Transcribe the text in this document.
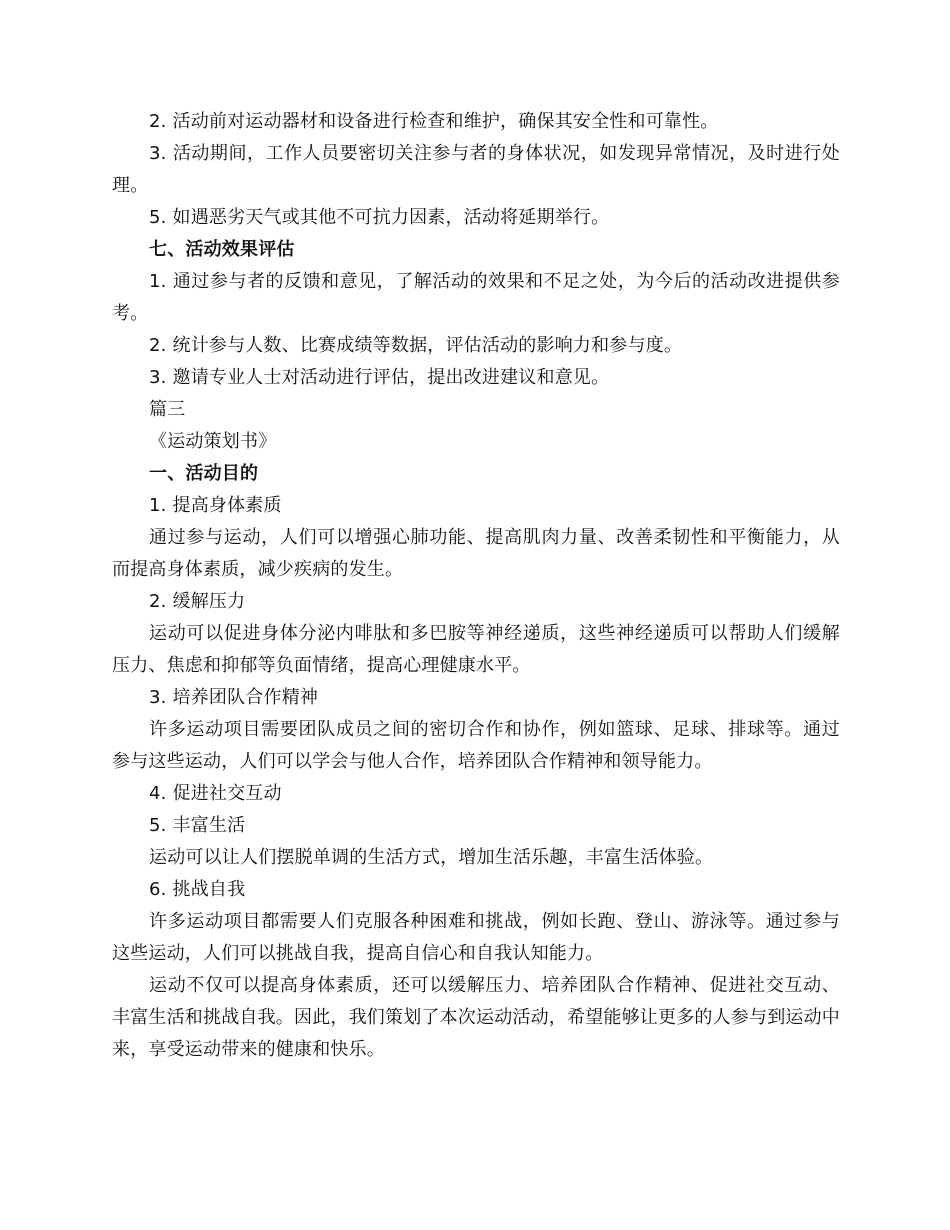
2. 活动前对运动器材和设备进行检查和维护，确保其安全性和可靠性。

3. 活动期间，工作人员要密切关注参与者的身体状况，如发现异常情况，及时进行处理。

5. 如遇恶劣天气或其他不可抗力因素，活动将延期举行。

七、活动效果评估

1. 通过参与者的反馈和意见，了解活动的效果和不足之处，为今后的活动改进提供参考。

2. 统计参与人数、比赛成绩等数据，评估活动的影响力和参与度。

3. 邀请专业人士对活动进行评估，提出改进建议和意见。

篇三

《运动策划书》

一、活动目的

1. 提高身体素质

通过参与运动，人们可以增强心肺功能、提高肌肉力量、改善柔韧性和平衡能力，从而提高身体素质，减少疾病的发生。

2. 缓解压力

运动可以促进身体分泌内啡肽和多巴胺等神经递质，这些神经递质可以帮助人们缓解压力、焦虑和抑郁等负面情绪，提高心理健康水平。

3. 培养团队合作精神

许多运动项目需要团队成员之间的密切合作和协作，例如篮球、足球、排球等。通过参与这些运动，人们可以学会与他人合作，培养团队合作精神和领导能力。

4. 促进社交互动

5. 丰富生活

运动可以让人们摆脱单调的生活方式，增加生活乐趣，丰富生活体验。

6. 挑战自我

许多运动项目都需要人们克服各种困难和挑战，例如长跑、登山、游泳等。通过参与这些运动，人们可以挑战自我，提高自信心和自我认知能力。

运动不仅可以提高身体素质，还可以缓解压力、培养团队合作精神、促进社交互动、丰富生活和挑战自我。因此，我们策划了本次运动活动，希望能够让更多的人参与到运动中来，享受运动带来的健康和快乐。
